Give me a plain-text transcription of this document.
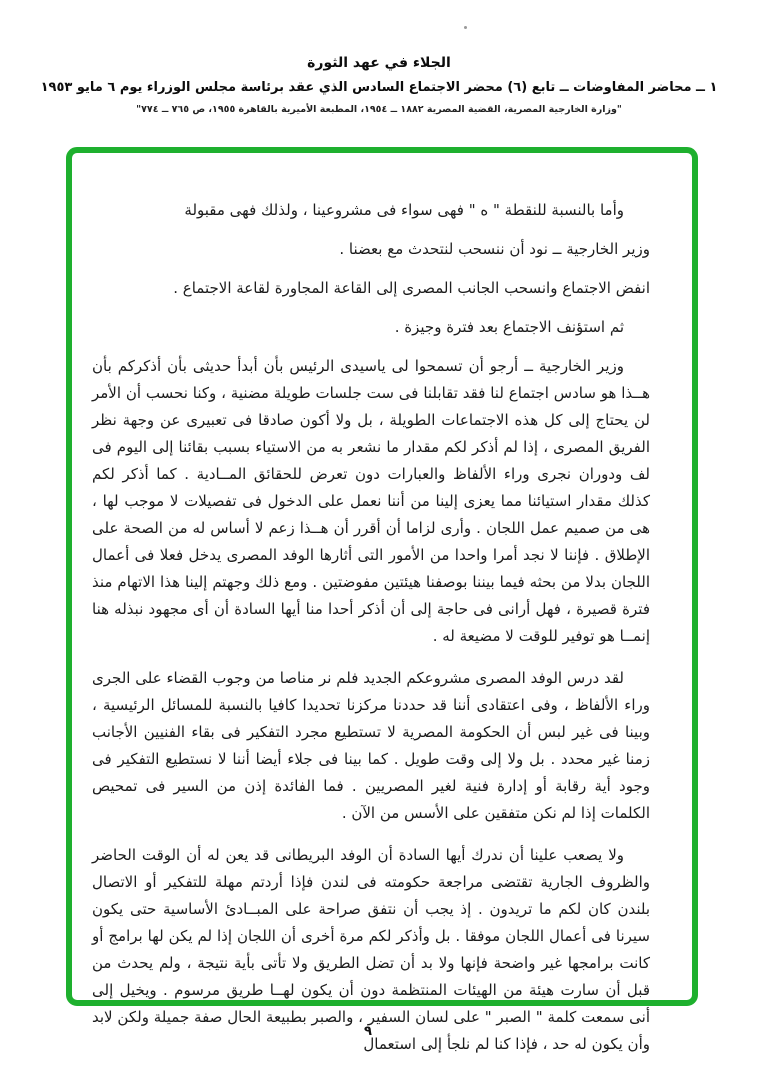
الجلاء في عهد الثورة
١ ــ محاضر المفاوضات ــ تابع (٦) محضر الاجتماع السادس الذي عقد برئاسة مجلس الوزراء يوم ٦ مايو ١٩٥٣
"وزارة الخارجية المصرية، القضية المصرية ١٨٨٢ ــ ١٩٥٤، المطبعة الأميرية بالقاهرة ١٩٥٥، ص ٧٦٥ ــ ٧٧٤"

وأما بالنسبة للنقطة " ه " فهى سواء فى مشروعينا ، ولذلك فهى مقبولة

وزير الخارجية ــ نود أن ننسحب لنتحدث مع بعضنا .

انفض الاجتماع وانسحب الجانب المصرى إلى القاعة المجاورة لقاعة الاجتماع .

ثم استؤنف الاجتماع بعد فترة وجيزة .

وزير الخارجية ــ أرجو أن تسمحوا لى ياسيدى الرئيس بأن أبدأ حديثى بأن أذكركم بأن هــذا هو سادس اجتماع لنا فقد تقابلنا فى ست جلسات طويلة مضنية ، وكنا نحسب أن الأمر لن يحتاج إلى كل هذه الاجتماعات الطويلة ، بل ولا أكون صادقا فى تعبيرى عن وجهة نظر الفريق المصرى ، إذا لم أذكر لكم مقدار ما نشعر به من الاستياء بسبب بقائنا إلى اليوم فى لف ودوران نجرى وراء الألفاظ والعبارات دون تعرض للحقائق المــادية . كما أذكر لكم كذلك مقدار استيائنا مما يعزى إلينا من أننا نعمل على الدخول فى تفصيلات لا موجب لها ، هى من صميم عمل اللجان . وأرى لزاما أن أقرر أن هــذا زعم لا أساس له من الصحة على الإطلاق . فإننا لا نجد أمرا واحدا من الأمور التى أثارها الوفد المصرى يدخل فعلا فى أعمال اللجان بدلا من بحثه فيما بيننا بوصفنا هيئتين مفوضتين . ومع ذلك وجهتم إلينا هذا الاتهام منذ فترة قصيرة ، فهل أرانى فى حاجة إلى أن أذكر أحدا منا أيها السادة أن أى مجهود نبذله هنا إنمــا هو توفير للوقت لا مضيعة له .

لقد درس الوفد المصرى مشروعكم الجديد فلم نر مناصا من وجوب القضاء على الجرى وراء الألفاظ ، وفى اعتقادى أننا قد حددنا مركزنا تحديدا كافيا بالنسبة للمسائل الرئيسية ، وبينا فى غير لبس أن الحكومة المصرية لا تستطيع مجرد التفكير فى بقاء الفنيين الأجانب زمنا غير محدد . بل ولا إلى وقت طويل . كما بينا فى جلاء أيضا أننا لا نستطيع التفكير فى وجود أية رقابة أو إدارة فنية لغير المصريين . فما الفائدة إذن من السير فى تمحيص الكلمات إذا لم نكن متفقين على الأسس من الآن .

ولا يصعب علينا أن ندرك أيها السادة أن الوفد البريطانى قد يعن له أن الوقت الحاضر والظروف الجارية تقتضى مراجعة حكومته فى لندن فإذا أردتم مهلة للتفكير أو الاتصال بلندن كان لكم ما تريدون . إذ يجب أن نتفق صراحة على المبــادئ الأساسية حتى يكون سيرنا فى أعمال اللجان موفقا . بل وأذكر لكم مرة أخرى أن اللجان إذا لم يكن لها برامج أو كانت برامجها غير واضحة فإنها ولا بد أن تضل الطريق ولا تأتى بأية نتيجة ، ولم يحدث من قبل أن سارت هيئة من الهيئات المنتظمة دون أن يكون لهــا طريق مرسوم . ويخيل إلى أنى سمعت كلمة " الصبر " على لسان السفير ، والصبر بطبيعة الحال صفة جميلة ولكن لابد وأن يكون له حد ، فإذا كنا لم نلجأ إلى استعمال

٩
